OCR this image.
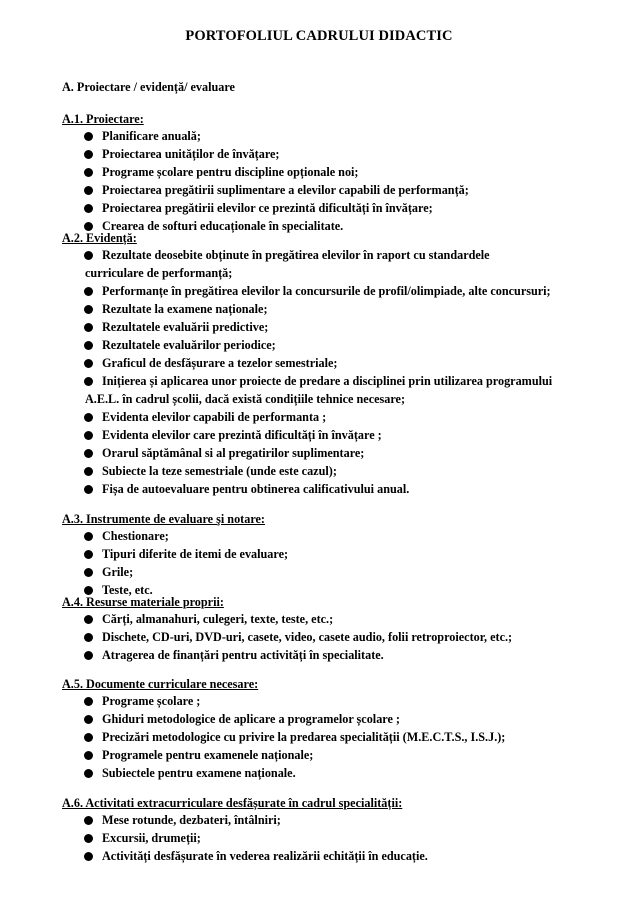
PORTOFOLIUL CADRULUI DIDACTIC
A. Proiectare / evidență/ evaluare
A.1. Proiectare:
Planificare anuală;
Proiectarea unităților de învățare;
Programe școlare pentru discipline opționale noi;
Proiectarea pregătirii suplimentare a elevilor capabili de performanță;
Proiectarea pregătirii elevilor ce prezintă dificultăți în învățare;
Crearea de softuri educaționale în specialitate.
A.2. Evidență:
Rezultate deosebite obținute în pregătirea elevilor în raport cu standardele
curriculare de performanță;
Performanțe în pregătirea elevilor la concursurile de profil/olimpiade, alte concursuri;
Rezultate la examene naționale;
Rezultatele evaluării predictive;
Rezultatele evaluărilor periodice;
Graficul de desfășurare a tezelor semestriale;
Inițierea și aplicarea unor proiecte de predare a disciplinei prin utilizarea programului
A.E.L. în cadrul școlii, dacă există condițiile tehnice necesare;
Evidenta elevilor capabili de performanta ;
Evidenta elevilor care prezintă dificultăți în învățare ;
Orarul săptămânal si al pregatirilor suplimentare;
Subiecte la teze semestriale (unde este cazul);
Fișa de autoevaluare pentru obtinerea calificativului anual.
A.3. Instrumente de evaluare şi notare:
Chestionare;
Tipuri diferite de itemi de evaluare;
Grile;
Teste, etc.
A.4. Resurse materiale proprii:
Cărți, almanahuri, culegeri, texte, teste, etc.;
Dischete, CD-uri, DVD-uri, casete, video, casete audio, folii retroproiector, etc.;
Atragerea de finanțări pentru activități în specialitate.
A.5. Documente curriculare necesare:
Programe școlare ;
Ghiduri metodologice de aplicare a programelor școlare ;
Precizări metodologice cu privire la predarea specialității (M.E.C.T.S., I.S.J.);
Programele pentru examenele naționale;
Subiectele pentru examene naționale.
A.6. Activitati extracurriculare desfășurate în cadrul specialității:
Mese rotunde, dezbateri, întâlniri;
Excursii, drumeții;
Activități desfășurate în vederea realizării echității în educație.
